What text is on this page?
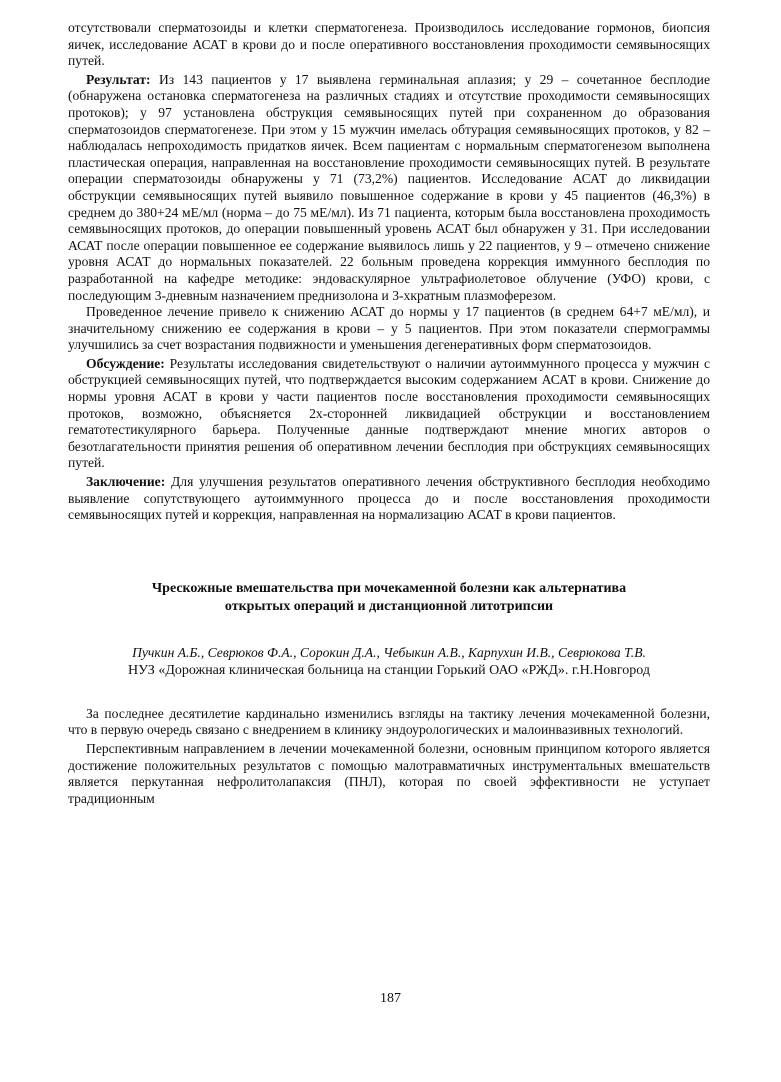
отсутствовали сперматозоиды и клетки сперматогенеза. Производилось исследование гормонов, биопсия яичек, исследование АСАТ в крови до и после оперативного восстановления проходимости семявыносящих путей.

Результат: Из 143 пациентов у 17 выявлена герминальная аплазия; у 29 – сочетанное бесплодие (обнаружена остановка сперматогенеза на различных стадиях и отсутствие проходимости семявыносящих протоков); у 97 установлена обструкция семявыносящих путей при сохраненном до образования сперматозоидов сперматогенезе. При этом у 15 мужчин имелась обтурация семявыносящих протоков, у 82 – наблюдалась непроходимость придатков яичек. Всем пациентам с нормальным сперматогенезом выполнена пластическая операция, направленная на восстановление проходимости семявыносящих путей. В результате операции сперматозоиды обнаружены у 71 (73,2%) пациентов. Исследование АСАТ до ликвидации обструкции семявыносящих путей выявило повышенное содержание в крови у 45 пациентов (46,3%) в среднем до 380+24 мЕ/мл (норма – до 75 мЕ/мл). Из 71 пациента, которым была восстановлена проходимость семявыносящих протоков, до операции повышенный уровень АСАТ был обнаружен у 31. При исследовании АСАТ после операции повышенное ее содержание выявилось лишь у 22 пациентов, у 9 – отмечено снижение уровня АСАТ до нормальных показателей. 22 больным проведена коррекция иммунного бесплодия по разработанной на кафедре методике: эндоваскулярное ультрафиолетовое облучение (УФО) крови, с последующим 3-дневным назначением преднизолона и 3-хкратным плазмоферезом.

Проведенное лечение привело к снижению АСАТ до нормы у 17 пациентов (в среднем 64+7 мЕ/мл), и значительному снижению ее содержания в крови – у 5 пациентов. При этом показатели спермограммы улучшились за счет возрастания подвижности и уменьшения дегенеративных форм сперматозоидов.

Обсуждение: Результаты исследования свидетельствуют о наличии аутоиммунного процесса у мужчин с обструкцией семявыносящих путей, что подтверждается высоким содержанием АСАТ в крови. Снижение до нормы уровня АСАТ в крови у части пациентов после восстановления проходимости семявыносящих протоков, возможно, объясняется 2х-сторонней ликвидацией обструкции и восстановлением гематотестикулярного барьера. Полученные данные подтверждают мнение многих авторов о безотлагательности принятия решения об оперативном лечении бесплодия при обструкциях семявыносящих путей.

Заключение: Для улучшения результатов оперативного лечения обструктивного бесплодия необходимо выявление сопутствующего аутоиммунного процесса до и после восстановления проходимости семявыносящих путей и коррекция, направленная на нормализацию АСАТ в крови пациентов.

Чрескожные вмешательства при мочекаменной болезни как альтернатива
открытых операций и дистанционной литотрипсии
Пучкин А.Б., Севрюков Ф.А., Сорокин Д.А., Чебыкин А.В., Карпухин И.В., Севрюкова Т.В.
НУЗ «Дорожная клиническая больница на станции Горький ОАО «РЖД». г.Н.Новгород

За последнее десятилетие кардинально изменились взгляды на тактику лечения мочекаменной болезни, что в первую очередь связано с внедрением в клинику эндоурологических и малоинвазивных технологий.

Перспективным направлением в лечении мочекаменной болезни, основным принципом которого является достижение положительных результатов с помощью малотравматичных инструментальных вмешательств является перкутанная нефролитолапаксия (ПНЛ), которая по своей эффективности не уступает традиционным

187
